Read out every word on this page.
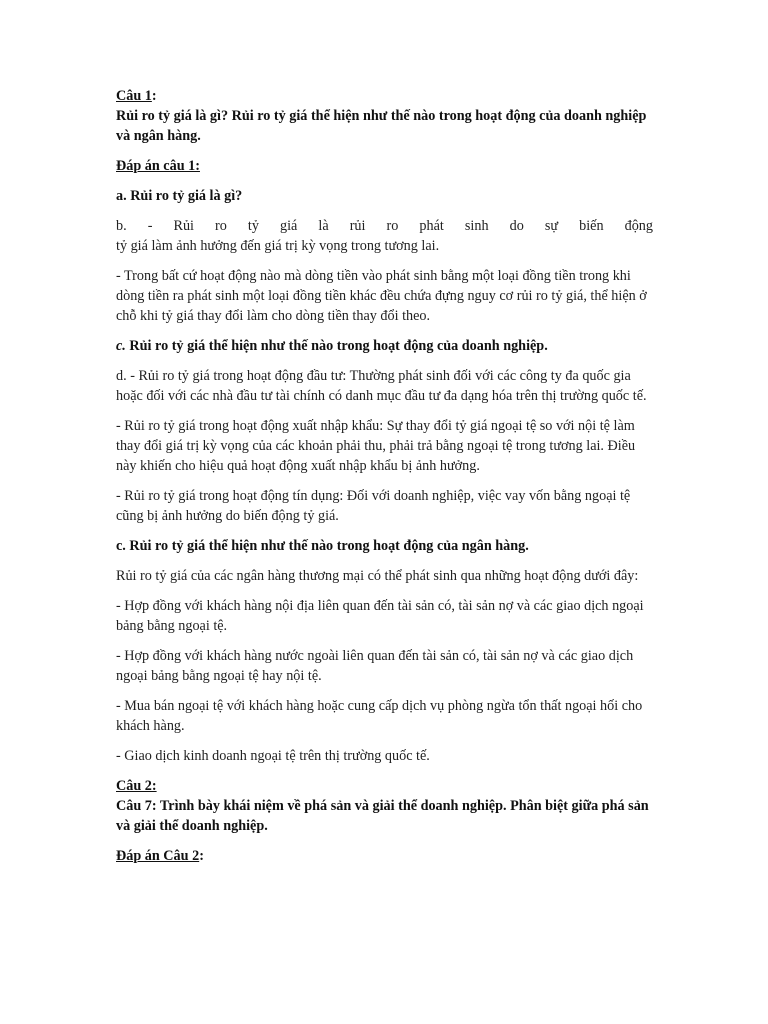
Câu 1:

Rủi ro tỷ giá là gì? Rủi ro tỷ giá thể hiện như thế nào trong hoạt động của doanh nghiệp và ngân hàng.

Đáp án câu 1:

a. Rủi ro tỷ giá là gì?

b. - Rủi ro tỷ giá là rủi ro phát sinh do sự biến động

tỷ giá làm ảnh hưởng đến giá trị kỳ vọng trong tương lai.

- Trong bất cứ hoạt động nào mà dòng tiền vào phát sinh bằng một loại đồng tiền trong khi dòng tiền ra phát sinh một loại đồng tiền khác đều chứa đựng nguy cơ rủi ro tỷ giá, thể hiện ở chỗ khi tỷ giá thay đổi làm cho dòng tiền thay đổi theo.

c. Rủi ro tỷ giá thể hiện như thế nào trong hoạt động của doanh nghiệp.

d. - Rủi ro tỷ giá trong hoạt động đầu tư: Thường phát sinh đối với các công ty đa quốc gia hoặc đối với các nhà đầu tư tài chính có danh mục đầu tư đa dạng hóa trên thị trường quốc tế.

- Rủi ro tỷ giá trong hoạt động xuất nhập khẩu: Sự thay đổi tỷ giá ngoại tệ so với nội tệ làm thay đổi giá trị kỳ vọng của các khoản phải thu, phải trả bằng ngoại tệ trong tương lai. Điều này khiến cho hiệu quả hoạt động xuất nhập khẩu bị ảnh hưởng.

- Rủi ro tỷ giá trong hoạt động tín dụng: Đối với doanh nghiệp, việc vay vốn bằng ngoại tệ cũng bị ảnh hưởng do biến động tỷ giá.

c. Rủi ro tỷ giá thể hiện như thế nào trong hoạt động của ngân hàng.

Rủi ro tỷ giá của các ngân hàng thương mại có thể phát sinh qua những hoạt động dưới đây:

- Hợp đồng với khách hàng nội địa liên quan đến tài sản có, tài sản nợ và các giao dịch ngoại bảng bằng ngoại tệ.

- Hợp đồng với khách hàng nước ngoài liên quan đến tài sản có, tài sản nợ và các giao dịch ngoại bảng bằng ngoại tệ hay nội tệ.

- Mua bán ngoại tệ với khách hàng hoặc cung cấp dịch vụ phòng ngừa tổn thất ngoại hối cho khách hàng.

- Giao dịch kinh doanh ngoại tệ trên thị trường quốc tế.

Câu 2:

Câu 7: Trình bày khái niệm về phá sản và giải thể doanh nghiệp. Phân biệt giữa phá sản và giải thể doanh nghiệp.

Đáp án Câu 2:
